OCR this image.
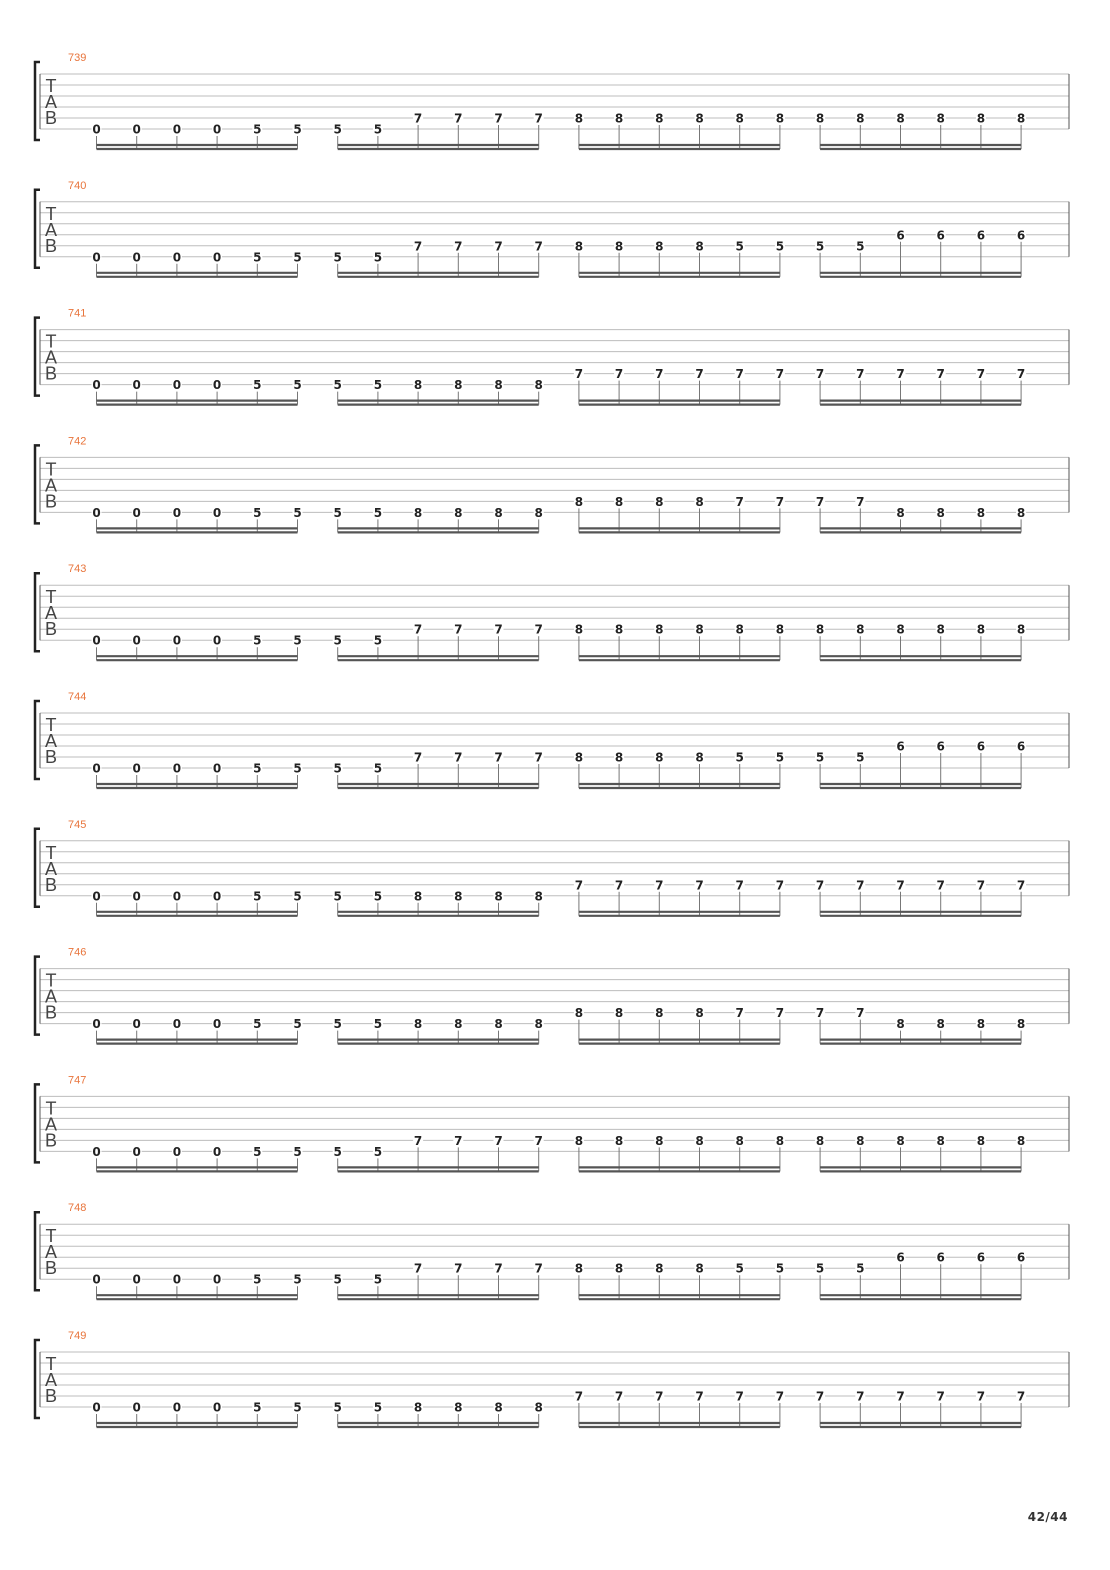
739
T
A
B
0	0	0	0	5	5	5	5
7	7	7	7	8	8	8	8	8	8	8	8	8	8	8	8
740
T
A
B
0	0	0	0	5	5	5	5
7	7	7	7	8	8	8	8	5	5	5	5
6	6	6	6
741
T
A
B
0	0	0	0	5	5	5	5	8	8	8	8
7	7	7	7	7	7	7	7	7	7	7	7
742
T
A
B
0	0	0	0	5	5	5	5	8	8	8	8
8	8	8	8	7	7	7	7
8	8	8	8
743
T
A
B
0	0	0	0	5	5	5	5
7	7	7	7	8	8	8	8	8	8	8	8	8	8	8	8
744
T
A
B
0	0	0	0	5	5	5	5
7	7	7	7	8	8	8	8	5	5	5	5
6	6	6	6
745
T
A
B
0	0	0	0	5	5	5	5	8	8	8	8
7	7	7	7	7	7	7	7	7	7	7	7
746
T
A
B
0	0	0	0	5	5	5	5	8	8	8	8
8	8	8	8	7	7	7	7
8	8	8	8
747
T
A
B
0	0	0	0	5	5	5	5
7	7	7	7	8	8	8	8	8	8	8	8	8	8	8	8
748
T
A
B
0	0	0	0	5	5	5	5
7	7	7	7	8	8	8	8	5	5	5	5
6	6	6	6
749
T
A
B
0	0	0	0	5	5	5	5	8	8	8	8
7	7	7	7	7	7	7	7	7	7	7	7
42/44
